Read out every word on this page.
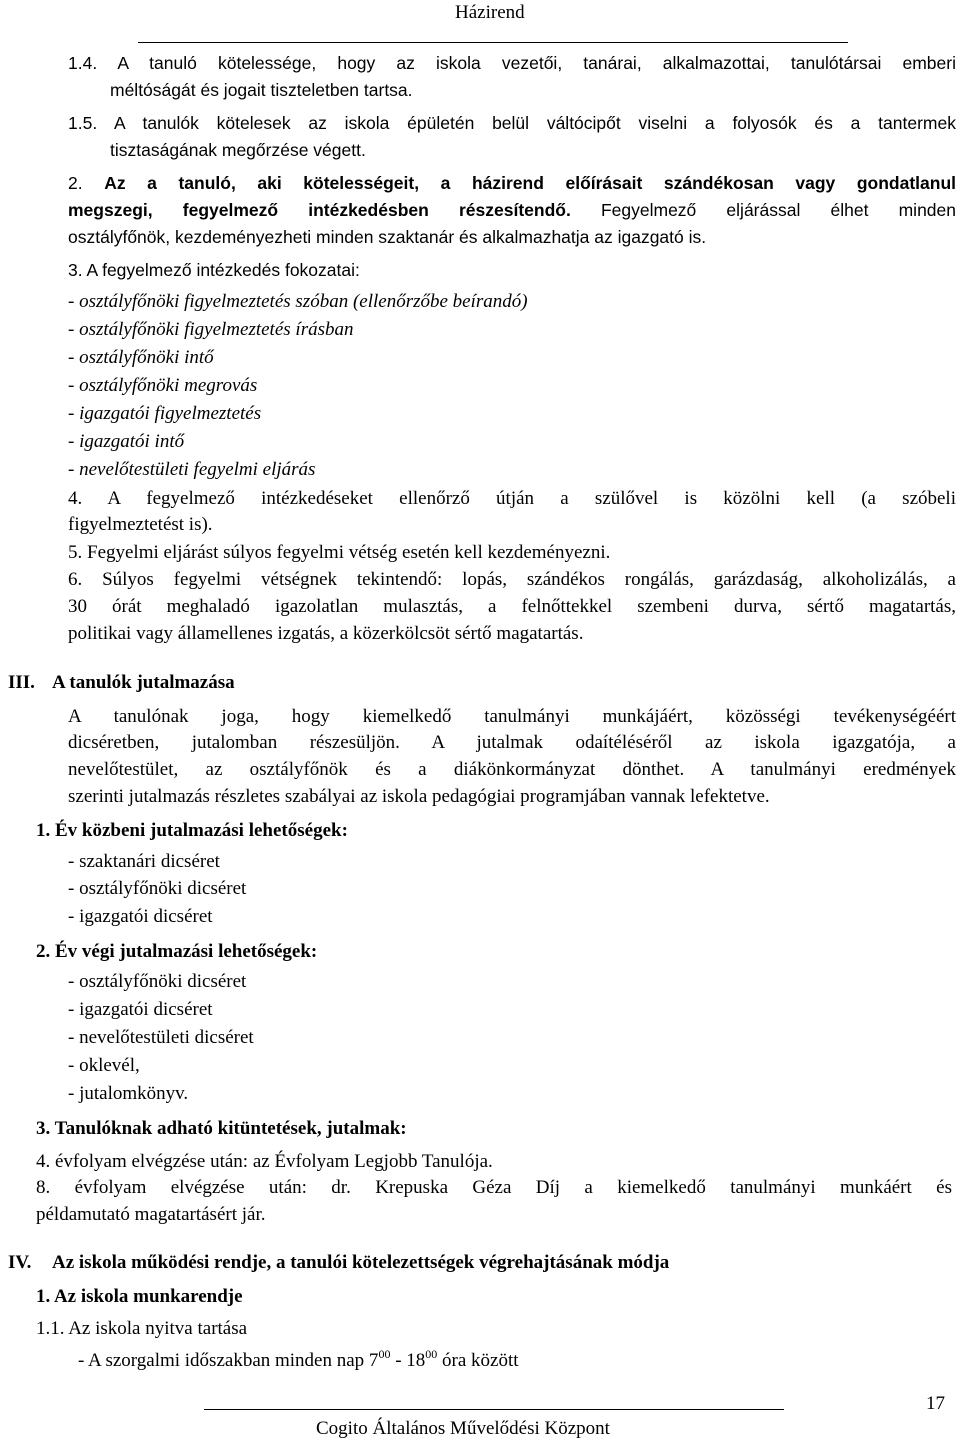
Házirend
1.4. A tanuló kötelessége, hogy az iskola vezetői, tanárai, alkalmazottai, tanulótársai emberi
méltóságát és jogait tiszteletben tartsa.
1.5. A tanulók kötelesek az iskola épületén belül váltócipőt viselni a folyosók és a tantermek
tisztaságának megőrzése végett.
2. Az a tanuló, aki kötelességeit, a házirend előírásait szándékosan vagy gondatlanul
megszegi, fegyelmező intézkedésben részesítendő. Fegyelmező eljárással élhet minden
osztályfőnök, kezdeményezheti minden szaktanár és alkalmazhatja az igazgató is.
3. A fegyelmező intézkedés fokozatai:
- osztályfőnöki figyelmeztetés szóban (ellenőrzőbe beírandó)
- osztályfőnöki figyelmeztetés írásban
- osztályfőnöki intő
- osztályfőnöki megrovás
- igazgatói figyelmeztetés
- igazgatói intő
- nevelőtestületi fegyelmi eljárás
4. A fegyelmező intézkedéseket ellenőrző útján a szülővel is közölni kell (a szóbeli
figyelmeztetést is).
5. Fegyelmi eljárást súlyos fegyelmi vétség esetén kell kezdeményezni.
6. Súlyos fegyelmi vétségnek tekintendő: lopás, szándékos rongálás, garázdaság, alkoholizálás, a
30 órát meghaladó igazolatlan mulasztás, a felnőttekkel szembeni durva, sértő magatartás,
politikai vagy államellenes izgatás, a közerkölcsöt sértő magatartás.
III. A tanulók jutalmazása
A tanulónak joga, hogy kiemelkedő tanulmányi munkájáért, közösségi tevékenységéért
dicséretben, jutalomban részesüljön. A jutalmak odaítéléséről az iskola igazgatója, a
nevelőtestület, az osztályfőnök és a diákönkormányzat dönthet. A tanulmányi eredmények
szerinti jutalmazás részletes szabályai az iskola pedagógiai programjában vannak lefektetve.
1. Év közbeni jutalmazási lehetőségek:
- szaktanári dicséret
- osztályfőnöki dicséret
- igazgatói dicséret
2. Év végi jutalmazási lehetőségek:
- osztályfőnöki dicséret
- igazgatói dicséret
- nevelőtestületi dicséret
- oklevél,
- jutalomkönyv.
3. Tanulóknak adható kitüntetések, jutalmak:
4. évfolyam elvégzése után: az Évfolyam Legjobb Tanulója.
8. évfolyam elvégzése után: dr. Krepuska Géza Díj a kiemelkedő tanulmányi munkáért és
példamutató magatartásért jár.
IV. Az iskola működési rendje, a tanulói kötelezettségek végrehajtásának módja
1. Az iskola munkarendje
1.1. Az iskola nyitva tartása
- A szorgalmi időszakban minden nap $7^{00} - 18^{00}$ óra között
17
Cogito Általános Művelődési Központ
